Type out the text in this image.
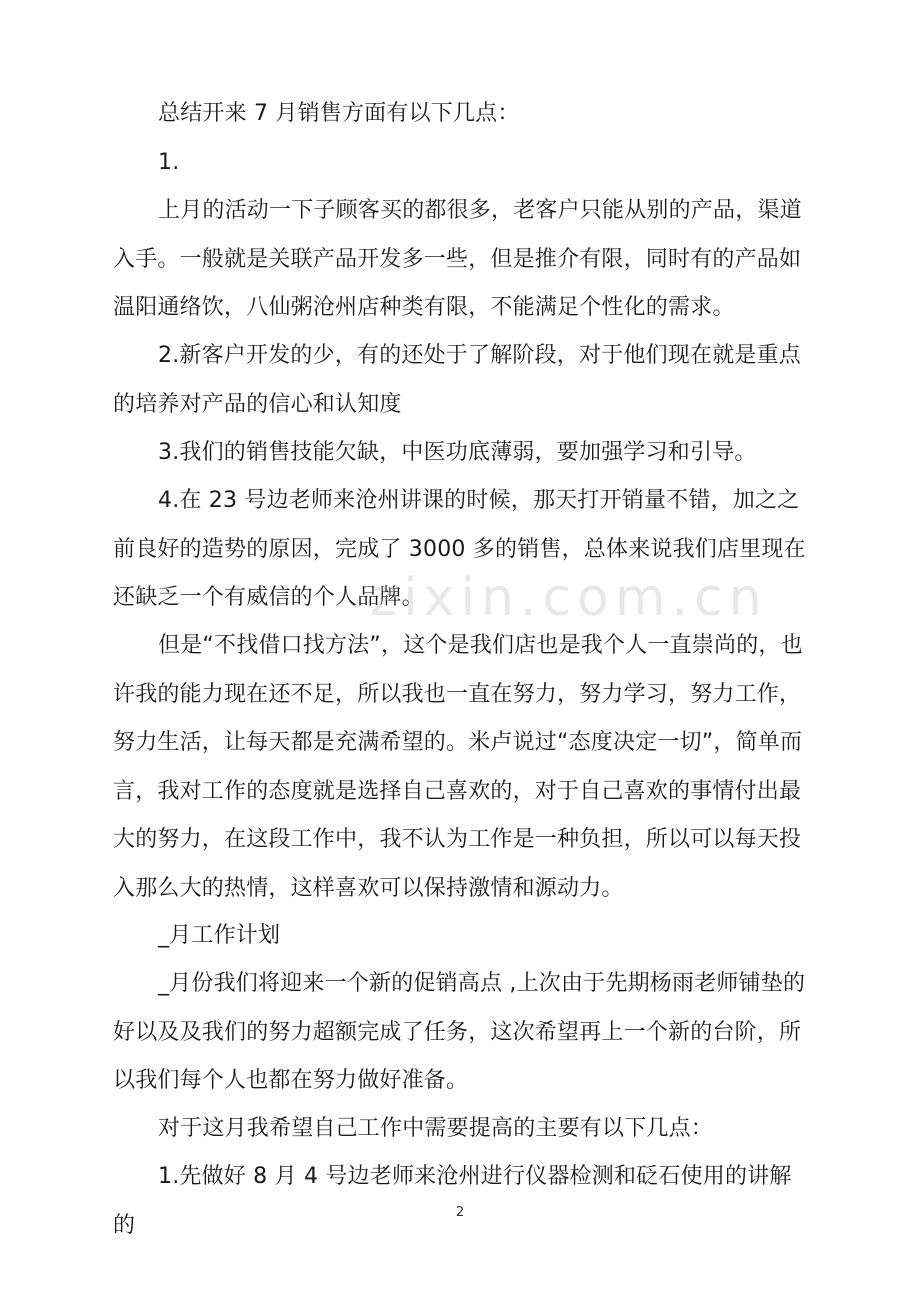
总结开来 7 月销售方面有以下几点：

1.

上月的活动一下子顾客买的都很多，老客户只能从别的产品，渠道入手。一般就是关联产品开发多一些，但是推介有限，同时有的产品如温阳通络饮，八仙粥沧州店种类有限，不能满足个性化的需求。

2.新客户开发的少，有的还处于了解阶段，对于他们现在就是重点的培养对产品的信心和认知度

3.我们的销售技能欠缺，中医功底薄弱，要加强学习和引导。

4.在 23 号边老师来沧州讲课的时候，那天打开销量不错，加之之前良好的造势的原因，完成了 3000 多的销售，总体来说我们店里现在还缺乏一个有威信的个人品牌。

但是“不找借口找方法”，这个是我们店也是我个人一直崇尚的，也许我的能力现在还不足，所以我也一直在努力，努力学习，努力工作，努力生活，让每天都是充满希望的。米卢说过“态度决定一切”，简单而言，我对工作的态度就是选择自己喜欢的，对于自己喜欢的事情付出最大的努力，在这段工作中，我不认为工作是一种负担，所以可以每天投入那么大的热情，这样喜欢可以保持激情和源动力。

_月工作计划

_月份我们将迎来一个新的促销高点 ,上次由于先期杨雨老师铺垫的好以及及我们的努力超额完成了任务，这次希望再上一个新的台阶，所以我们每个人也都在努力做好准备。

对于这月我希望自己工作中需要提高的主要有以下几点：

1.先做好 8 月 4 号边老师来沧州进行仪器检测和砭石使用的讲解的

zixin.com.cn
2
